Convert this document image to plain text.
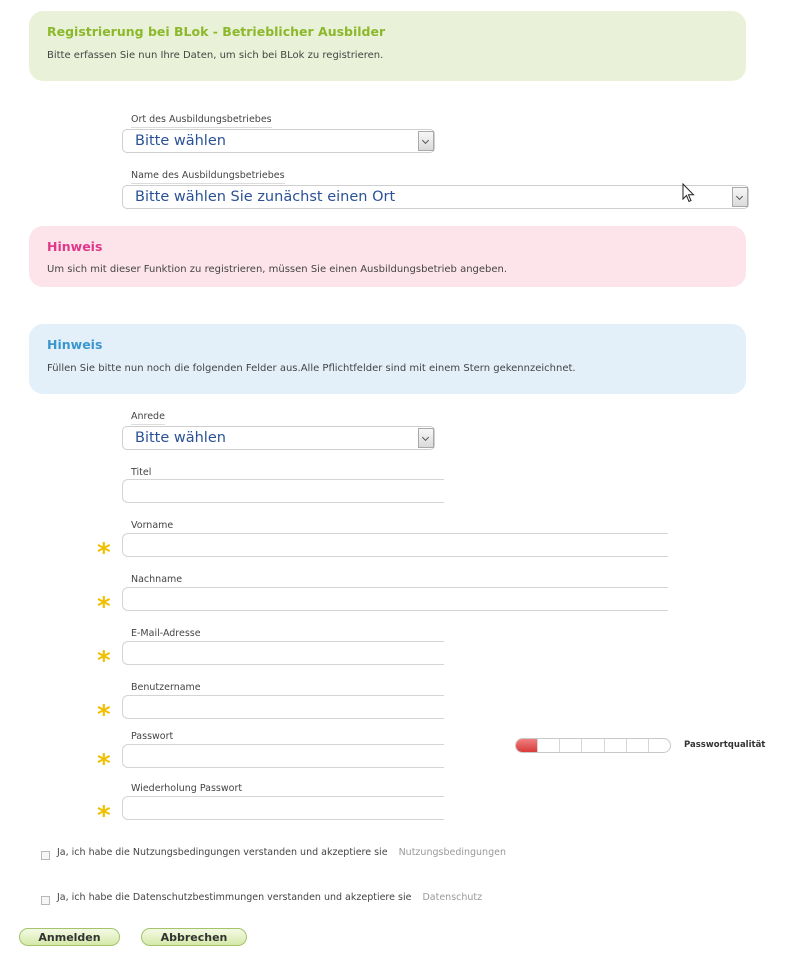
Registrierung bei BLok - Betrieblicher Ausbilder
Bitte erfassen Sie nun Ihre Daten, um sich bei BLok zu registrieren.
Ort des Ausbildungsbetriebes
Bitte wählen
Name des Ausbildungsbetriebes
Bitte wählen Sie zunächst einen Ort
Hinweis
Um sich mit dieser Funktion zu registrieren, müssen Sie einen Ausbildungsbetrieb angeben.
Hinweis
Füllen Sie bitte nun noch die folgenden Felder aus.Alle Pflichtfelder sind mit einem Stern gekennzeichnet.
Anrede
Bitte wählen
Titel
Vorname
*
Nachname
*
E-Mail-Adresse
*
Benutzername
*
Passwort
*
Passwortqualität
Wiederholung Passwort
*
Ja, ich habe die Nutzungsbedingungen verstanden und akzeptiere sie Nutzungsbedingungen
Ja, ich habe die Datenschutzbestimmungen verstanden und akzeptiere sie Datenschutz
Anmelden	Abbrechen
